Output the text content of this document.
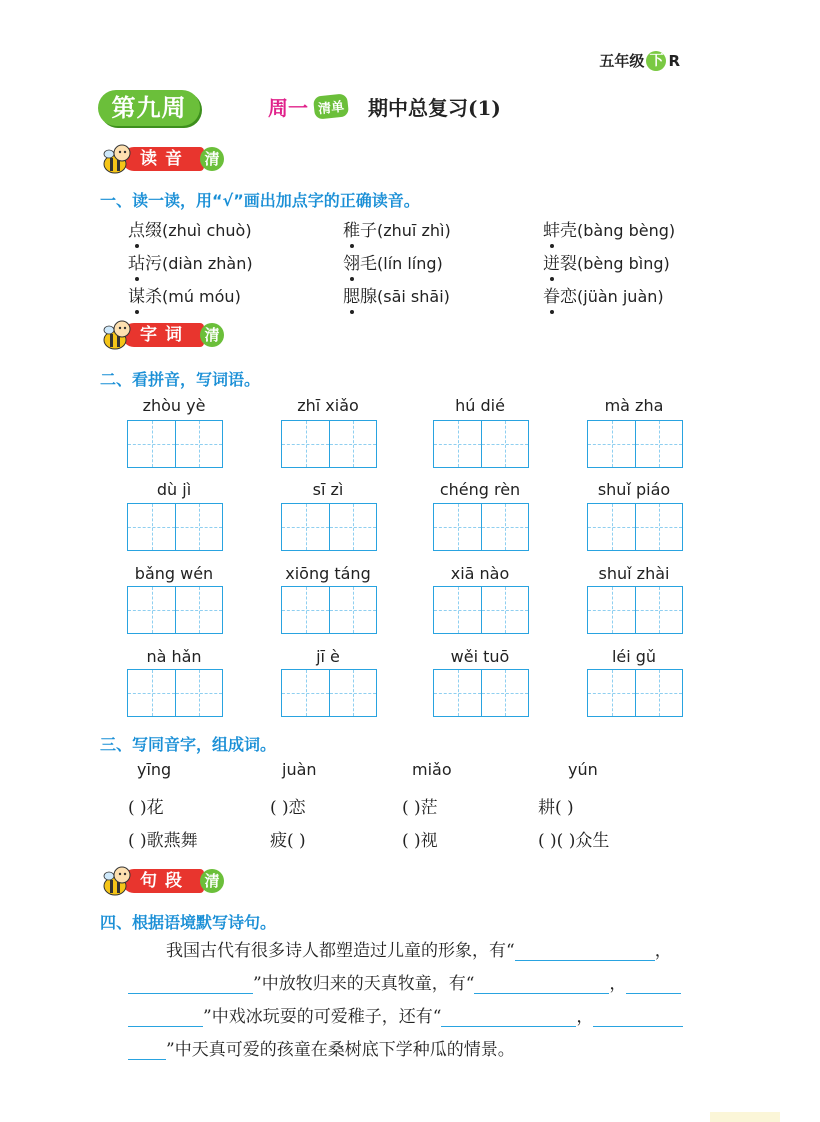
五年级 下 R
第九周	周一 清单 期中总复习(1)
读音 清
一、读一读，用“√”画出加点字的正确读音。
点缀(zhuì chuò)	稚子(zhuī zhì)	蚌壳(bàng bèng)
玷污(diàn zhàn)	翎毛(lín líng)	迸裂(bèng bìng)
谋杀(mú móu)	腮腺(sāi shāi)	眷恋(jüàn juàn)
字词 清
二、看拼音，写词语。
zhòu yè	zhī xiǎo	hú dié	mà zha
dù jì	sī zì	chéng rèn	shuǐ piáo
bǎng wén	xiōng táng	xiā nào	shuǐ zhài
nà hǎn	jī è	wěi tuō	léi gǔ
三、写同音字，组成词。
yīng	juàn	miǎo	yún
( )花	( )恋	( )茫	耕( )
( )歌燕舞	疲( )	( )视	( )( )众生
句段 清
四、根据语境默写诗句。
我国古代有很多诗人都塑造过儿童的形象，有“	，
”中放牧归来的天真牧童，有“	，
”中戏冰玩耍的可爱稚子，还有“	，
”中天真可爱的孩童在桑树底下学种瓜的情景。
